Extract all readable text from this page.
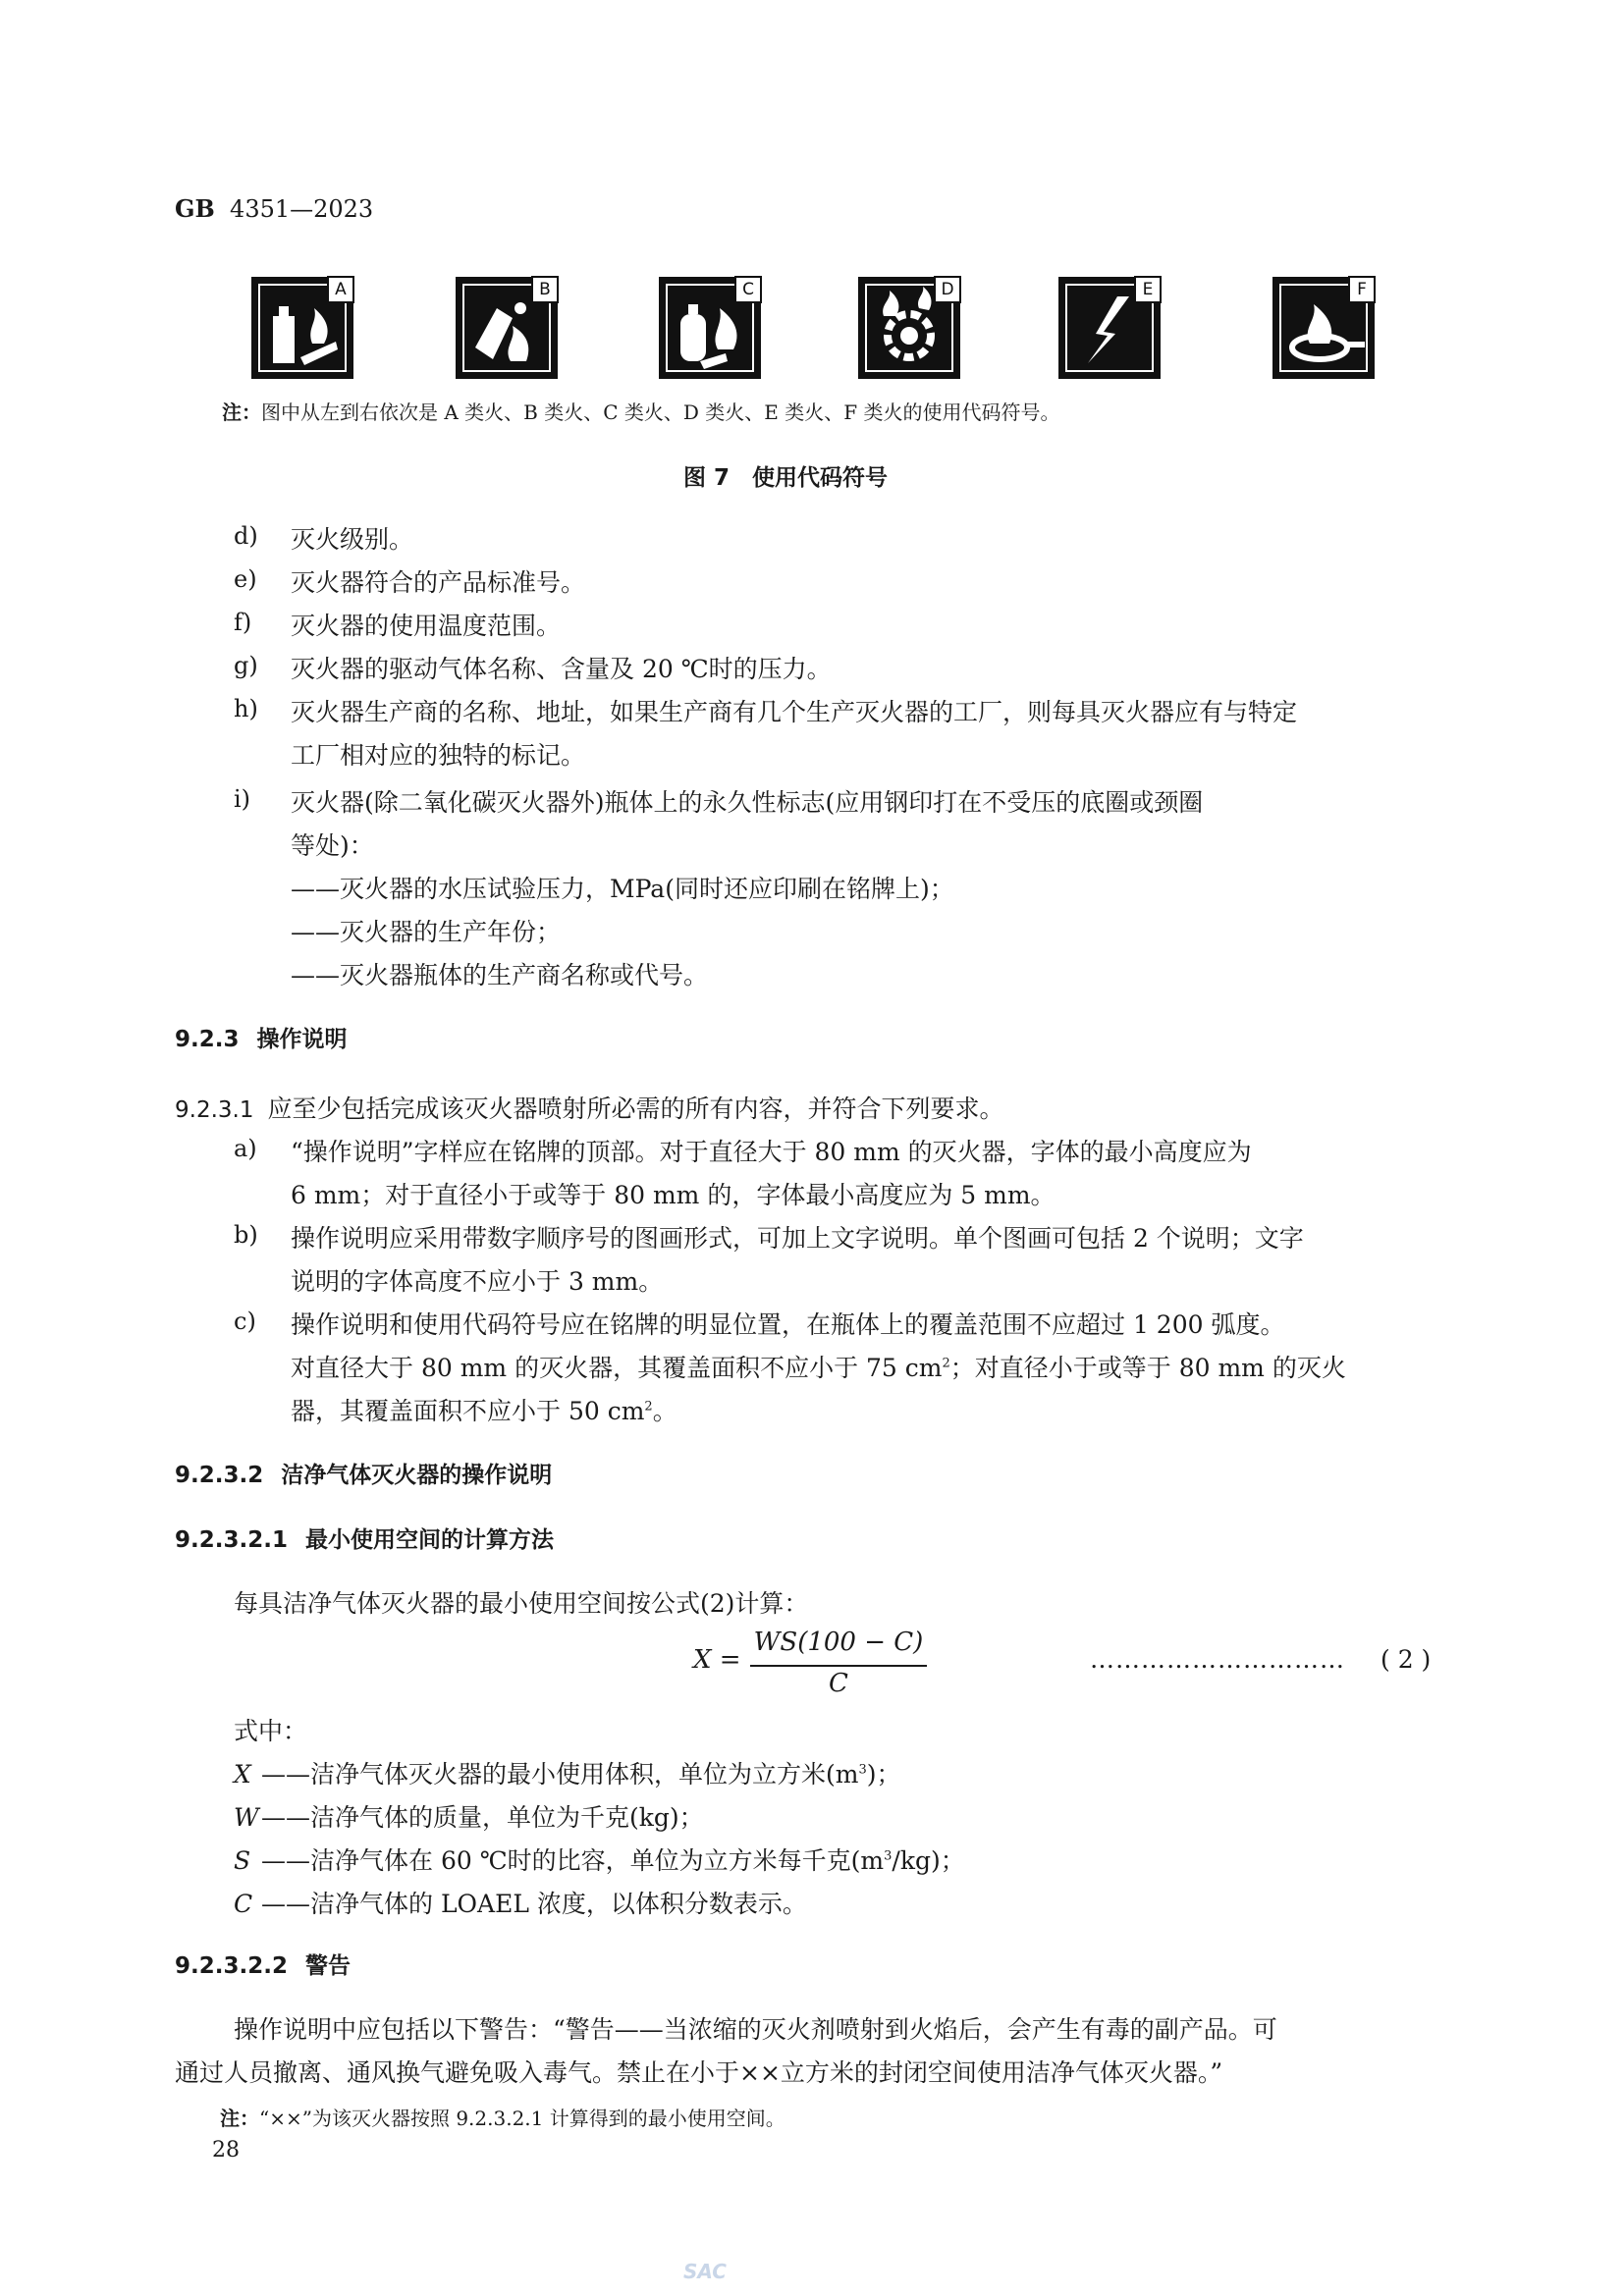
GB 4351—2023
A	B	C	D	E	F
注：图中从左到右依次是 A 类火、B 类火、C 类火、D 类火、E 类火、F 类火的使用代码符号。
图 7　使用代码符号
d) 灭火级别。
e) 灭火器符合的产品标准号。
f) 灭火器的使用温度范围。
g) 灭火器的驱动气体名称、含量及 20 ℃时的压力。
h) 灭火器生产商的名称、地址，如果生产商有几个生产灭火器的工厂，则每具灭火器应有与特定
工厂相对应的独特的标记。
i) 灭火器(除二氧化碳灭火器外)瓶体上的永久性标志(应用钢印打在不受压的底圈或颈圈
等处)：
——灭火器的水压试验压力，MPa(同时还应印刷在铭牌上)；
——灭火器的生产年份；
——灭火器瓶体的生产商名称或代号。
9.2.3 操作说明
9.2.3.1 应至少包括完成该灭火器喷射所必需的所有内容，并符合下列要求。
a) “操作说明”字样应在铭牌的顶部。对于直径大于 80 mm 的灭火器，字体的最小高度应为
6 mm；对于直径小于或等于 80 mm 的，字体最小高度应为 5 mm。
b) 操作说明应采用带数字顺序号的图画形式，可加上文字说明。单个图画可包括 2 个说明；文字
说明的字体高度不应小于 3 mm。
c) 操作说明和使用代码符号应在铭牌的明显位置，在瓶体上的覆盖范围不应超过 1 200 弧度。
对直径大于 80 mm 的灭火器，其覆盖面积不应小于 75 $cm^2$；对直径小于或等于 80 mm 的灭火
器，其覆盖面积不应小于 50 $cm^2$。
9.2.3.2 洁净气体灭火器的操作说明
9.2.3.2.1 最小使用空间的计算方法
每具洁净气体灭火器的最小使用空间按公式(2)计算：
X =
WS(100 − C)
C
………………………… ( 2 )
式中：
X ——洁净气体灭火器的最小使用体积，单位为立方米$(m^3)$；
W——洁净气体的质量，单位为千克(kg)；
S ——洁净气体在 60 ℃时的比容，单位为立方米每千克$(m^3/kg)$；
C ——洁净气体的 LOAEL 浓度，以体积分数表示。
9.2.3.2.2 警告
操作说明中应包括以下警告：“警告——当浓缩的灭火剂喷射到火焰后，会产生有毒的副产品。可
通过人员撤离、通风换气避免吸入毒气。禁止在小于××立方米的封闭空间使用洁净气体灭火器。”
注：“××”为该灭火器按照 9.2.3.2.1 计算得到的最小使用空间。
28
SAC
